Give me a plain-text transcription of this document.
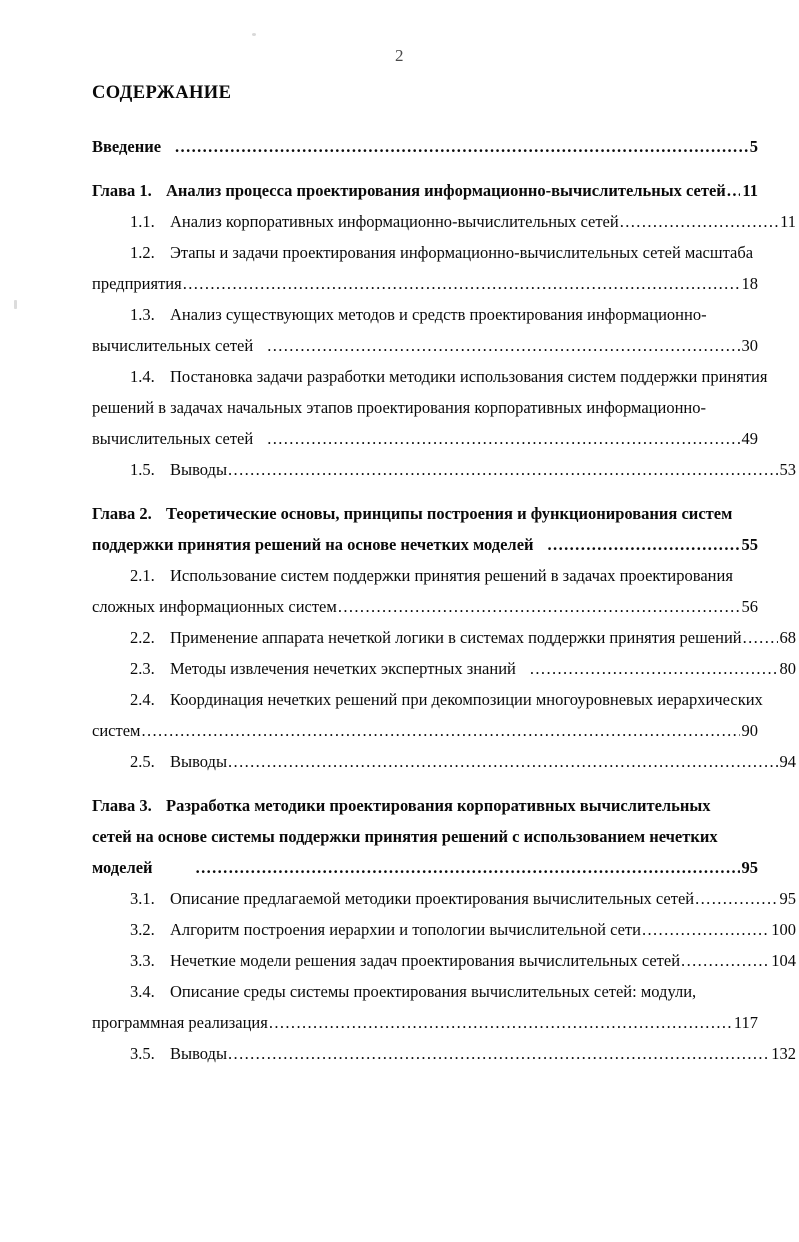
2
СОДЕРЖАНИЕ
Введение .....	5
Глава 1. Анализ процесса проектирования информационно-вычислительных сетей ..... 11
1.1. Анализ корпоративных информационно-вычислительных сетей .....	11
1.2. Этапы и задачи проектирования информационно-вычислительных сетей масштаба
предприятия .....	18
1.3. Анализ существующих методов и средств проектирования информационно-
вычислительных сетей .....	30
1.4. Постановка задачи разработки методики использования систем поддержки принятия
решений в задачах начальных этапов проектирования корпоративных информационно-
вычислительных сетей .....	49
1.5. Выводы .....	53
Глава 2. Теоретические основы, принципы построения и функционирования систем
поддержки принятия решений на основе нечетких моделей .....	55
2.1. Использование систем поддержки принятия решений в задачах проектирования
сложных информационных систем .....	56
2.2. Применение аппарата нечеткой логики в системах поддержки принятия решений ..... 68
2.3. Методы извлечения нечетких экспертных знаний .....	80
2.4. Координация нечетких решений при декомпозиции многоуровневых иерархических
систем .....	90
2.5. Выводы .....	94
Глава 3. Разработка методики проектирования корпоративных вычислительных
сетей на основе системы поддержки принятия решений с использованием нечетких
моделей .....	95
3.1. Описание предлагаемой методики проектирования вычислительных сетей .....	95
3.2. Алгоритм построения иерархии и топологии вычислительной сети .....	100
3.3. Нечеткие модели решения задач проектирования вычислительных сетей .....	104
3.4. Описание среды системы проектирования вычислительных сетей: модули,
программная реализация .....	117
3.5. Выводы .....	132
